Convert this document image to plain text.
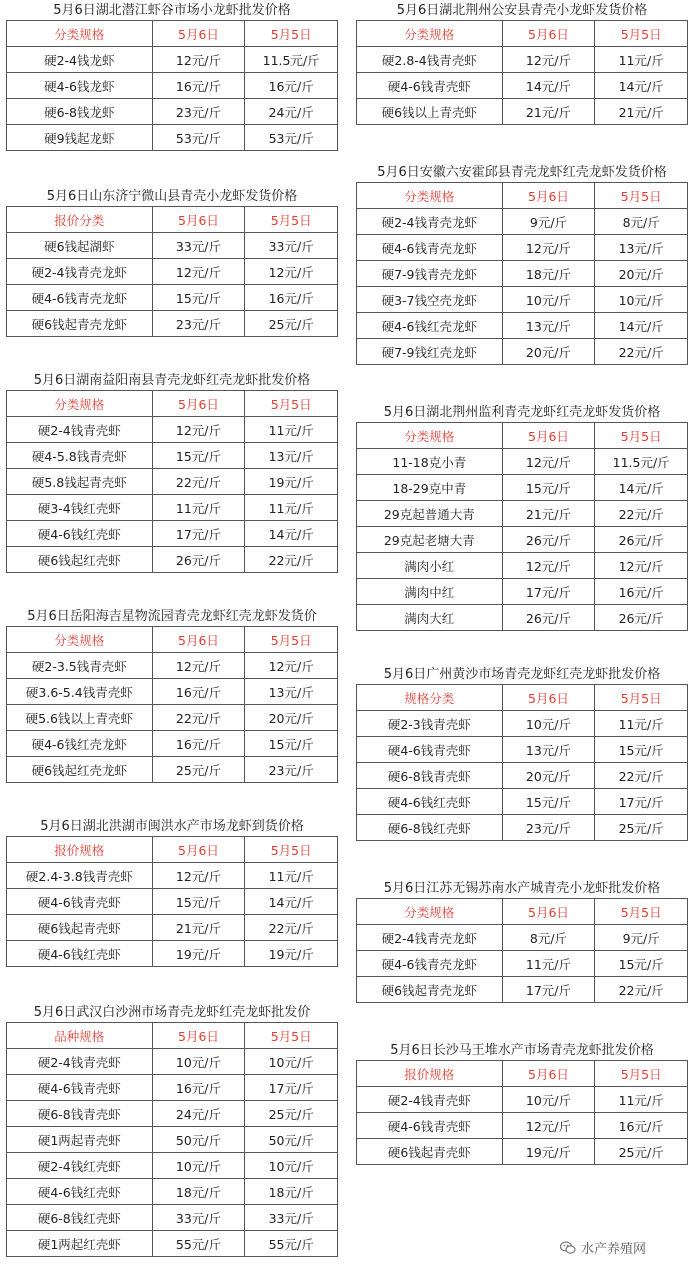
5月6日湖北潜江虾谷市场小龙虾批发价格
分类规格	5月6日	5月5日
硬2-4钱龙虾	12元/斤	11.5元/斤
硬4-6钱龙虾	16元/斤	16元/斤
硬6-8钱龙虾	23元/斤	24元/斤
硬9钱起龙虾	53元/斤	53元/斤
5月6日山东济宁微山县青壳小龙虾发货价格
报价分类	5月6日	5月5日
硬6钱起湖虾	33元/斤	33元/斤
硬2-4钱青壳龙虾	12元/斤	12元/斤
硬4-6钱青壳龙虾	15元/斤	16元/斤
硬6钱起青壳龙虾	23元/斤	25元/斤
5月6日湖南益阳南县青壳龙虾红壳龙虾批发价格
分类规格	5月6日	5月5日
硬2-4钱青壳虾	12元/斤	11元/斤
硬4-5.8钱青壳虾	15元/斤	13元/斤
硬5.8钱起青壳虾	22元/斤	19元/斤
硬3-4钱红壳虾	11元/斤	11元/斤
硬4-6钱红壳虾	17元/斤	14元/斤
硬6钱起红壳虾	26元/斤	22元/斤
5月6日岳阳海吉星物流园青壳龙虾红壳龙虾发货价
分类规格	5月6日	5月5日
硬2-3.5钱青壳虾	12元/斤	12元/斤
硬3.6-5.4钱青壳虾	16元/斤	13元/斤
硬5.6钱以上青壳虾	22元/斤	20元/斤
硬4-6钱红壳龙虾	16元/斤	15元/斤
硬6钱起红壳龙虾	25元/斤	23元/斤
5月6日湖北洪湖市闽洪水产市场龙虾到货价格
报价规格	5月6日	5月5日
硬2.4-3.8钱青壳虾	12元/斤	11元/斤
硬4-6钱青壳虾	15元/斤	14元/斤
硬6钱起青壳虾	21元/斤	22元/斤
硬4-6钱红壳虾	19元/斤	19元/斤
5月6日武汉白沙洲市场青壳龙虾红壳龙虾批发价
品种规格	5月6日	5月5日
硬2-4钱青壳虾	10元/斤	10元/斤
硬4-6钱青壳虾	16元/斤	17元/斤
硬6-8钱青壳虾	24元/斤	25元/斤
硬1两起青壳虾	50元/斤	50元/斤
硬2-4钱红壳虾	10元/斤	10元/斤
硬4-6钱红壳虾	18元/斤	18元/斤
硬6-8钱红壳虾	33元/斤	33元/斤
硬1两起红壳虾	55元/斤	55元/斤
5月6日湖北荆州公安县青壳小龙虾发货价格
分类规格	5月6日	5月5日
硬2.8-4钱青壳虾	12元/斤	11元/斤
硬4-6钱青壳虾	14元/斤	14元/斤
硬6钱以上青壳虾	21元/斤	21元/斤
5月6日安徽六安霍邱县青壳龙虾红壳龙虾发货价格
分类规格	5月6日	5月5日
硬2-4钱青壳龙虾	9元/斤	8元/斤
硬4-6钱青壳龙虾	12元/斤	13元/斤
硬7-9钱青壳龙虾	18元/斤	20元/斤
硬3-7钱空壳龙虾	10元/斤	10元/斤
硬4-6钱红壳龙虾	13元/斤	14元/斤
硬7-9钱红壳龙虾	20元/斤	22元/斤
5月6日湖北荆州监利青壳龙虾红壳龙虾发货价格
分类规格	5月6日	5月5日
11-18克小青	12元/斤	11.5元/斤
18-29克中青	15元/斤	14元/斤
29克起普通大青	21元/斤	22元/斤
29克起老塘大青	26元/斤	26元/斤
满肉小红	12元/斤	12元/斤
满肉中红	17元/斤	16元/斤
满肉大红	26元/斤	26元/斤
5月6日广州黄沙市场青壳龙虾红壳龙虾批发价格
规格分类	5月6日	5月5日
硬2-3钱青壳虾	10元/斤	11元/斤
硬4-6钱青壳虾	13元/斤	15元/斤
硬6-8钱青壳虾	20元/斤	22元/斤
硬4-6钱红壳虾	15元/斤	17元/斤
硬6-8钱红壳虾	23元/斤	25元/斤
5月6日江苏无锡苏南水产城青壳小龙虾批发价格
分类规格	5月6日	5月5日
硬2-4钱青壳龙虾	8元/斤	9元/斤
硬4-6钱青壳龙虾	11元/斤	15元/斤
硬6钱起青壳龙虾	17元/斤	22元/斤
5月6日长沙马王堆水产市场青壳龙虾批发价格
报价规格	5月6日	5月5日
硬2-4钱青壳虾	10元/斤	11元/斤
硬4-6钱青壳虾	12元/斤	16元/斤
硬6钱起青壳虾	19元/斤	25元/斤
水产养殖网
